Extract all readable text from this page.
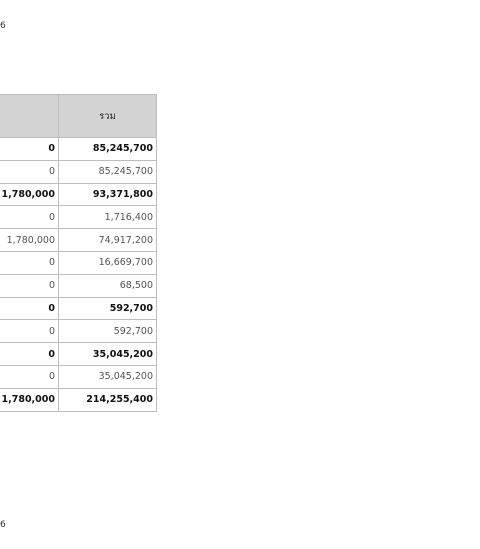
6
	รวม
0	85,245,700
0	85,245,700
1,780,000	93,371,800
0	1,716,400
1,780,000	74,917,200
0	16,669,700
0	68,500
0	592,700
0	592,700
0	35,045,200
0	35,045,200
1,780,000	214,255,400
6
